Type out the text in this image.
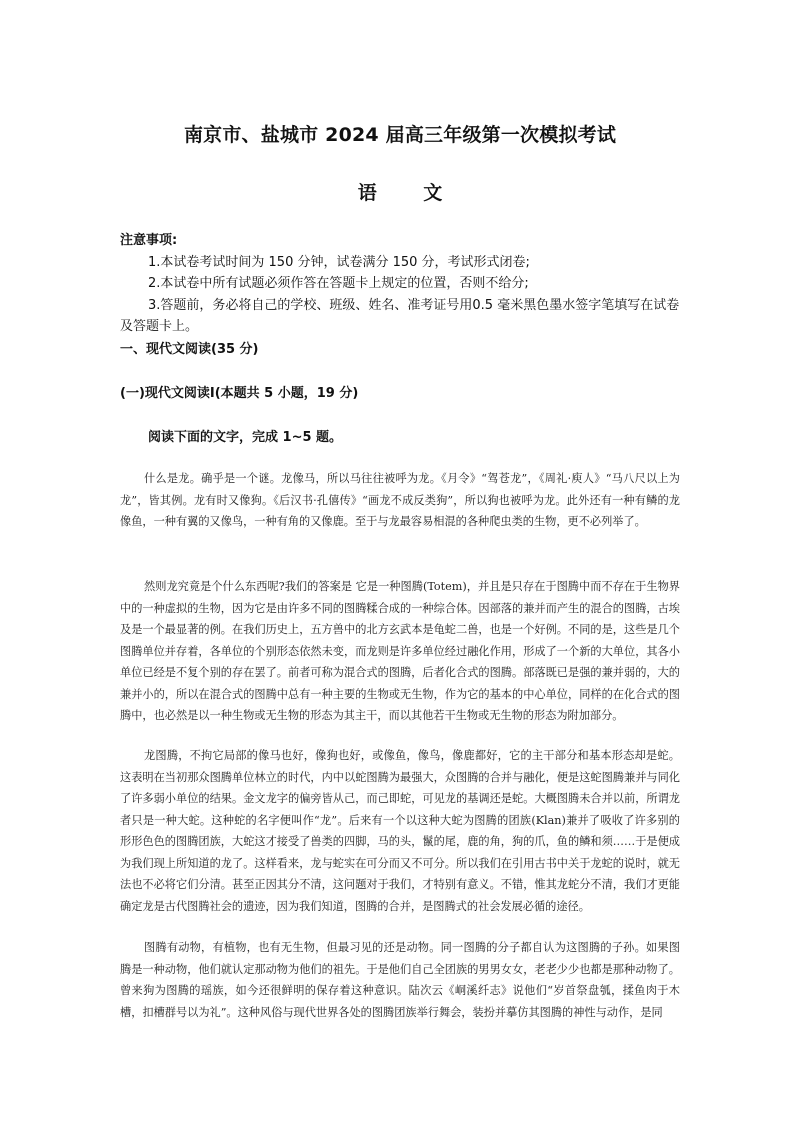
南京市、盐城市 2024 届高三年级第一次模拟考试
语 文
注意事项:
1.本试卷考试时间为 150 分钟，试卷满分 150 分，考试形式闭卷;
2.本试卷中所有试题必须作答在答题卡上规定的位置，否则不给分;
3.答题前，务必将自己的学校、班级、姓名、准考证号用0.5 毫米黑色墨水签字笔填写在试卷及答题卡上。
一、现代文阅读(35 分)
(一)现代文阅读Ⅰ(本题共 5 小题，19 分)
阅读下面的文字，完成 1~5 题。
什么是龙。确乎是一个谜。龙像马，所以马往往被呼为龙。《月令》“驾苍龙”，《周礼·庾人》“马八尺以上为龙”，皆其例。龙有时又像狗。《后汉书·孔僖传》“画龙不成反类狗”，所以狗也被呼为龙。此外还有一种有鳞的龙像鱼，一种有翼的又像鸟，一种有角的又像鹿。至于与龙最容易相混的各种爬虫类的生物，更不必列举了。
然则龙究竟是个什么东西呢?我们的答案是 它是一种图腾(Totem)，并且是只存在于图腾中而不存在于生物界中的一种虚拟的生物，因为它是由许多不同的图腾糅合成的一种综合体。因部落的兼并而产生的混合的图腾，古埃及是一个最显著的例。在我们历史上，五方兽中的北方玄武本是龟蛇二兽，也是一个好例。不同的是，这些是几个图腾单位并存着，各单位的个别形态依然未变，而龙则是许多单位经过融化作用，形成了一个新的大单位，其各小单位已经是不复个别的存在罢了。前者可称为混合式的图腾，后者化合式的图腾。部落既已是强的兼并弱的，大的兼并小的，所以在混合式的图腾中总有一种主要的生物或无生物，作为它的基本的中心单位，同样的在化合式的图腾中，也必然是以一种生物或无生物的形态为其主干，而以其他若干生物或无生物的形态为附加部分。
龙图腾，不拘它局部的像马也好，像狗也好，或像鱼，像鸟，像鹿都好，它的主干部分和基本形态却是蛇。这表明在当初那众图腾单位林立的时代，内中以蛇图腾为最强大，众图腾的合并与融化，便是这蛇图腾兼并与同化了许多弱小单位的结果。金文龙字的偏旁皆从己，而己即蛇，可见龙的基调还是蛇。大概图腾未合并以前，所谓龙者只是一种大蛇。这种蛇的名字便叫作“龙”。后来有一个以这种大蛇为图腾的团族(Klan)兼并了吸收了许多别的形形色色的图腾团族，大蛇这才接受了兽类的四脚，马的头，鬣的尾，鹿的角，狗的爪，鱼的鳞和须……于是便成为我们现上所知道的龙了。这样看来，龙与蛇实在可分而又不可分。所以我们在引用古书中关于龙蛇的说时，就无法也不必将它们分清。甚至正因其分不清，这问题对于我们，才特别有意义。不错，惟其龙蛇分不清，我们才更能确定龙是古代图腾社会的遗迹，因为我们知道，图腾的合并，是图腾式的社会发展必循的途径。
图腾有动物，有植物，也有无生物，但最习见的还是动物。同一图腾的分子都自认为这图腾的子孙。如果图腾是一种动物，他们就认定那动物为他们的祖先。于是他们自己全团族的男男女女，老老少少也都是那种动物了。曾来狗为图腾的瑶族，如今还很鲜明的保存着这种意识。陆次云《峒溪纤志》说他们“岁首祭盘瓠，揉鱼肉于木槽，扣槽群号以为礼”。这种风俗与现代世界各处的图腾团族举行舞会，装扮并摹仿其图腾的神性与动作，是同
